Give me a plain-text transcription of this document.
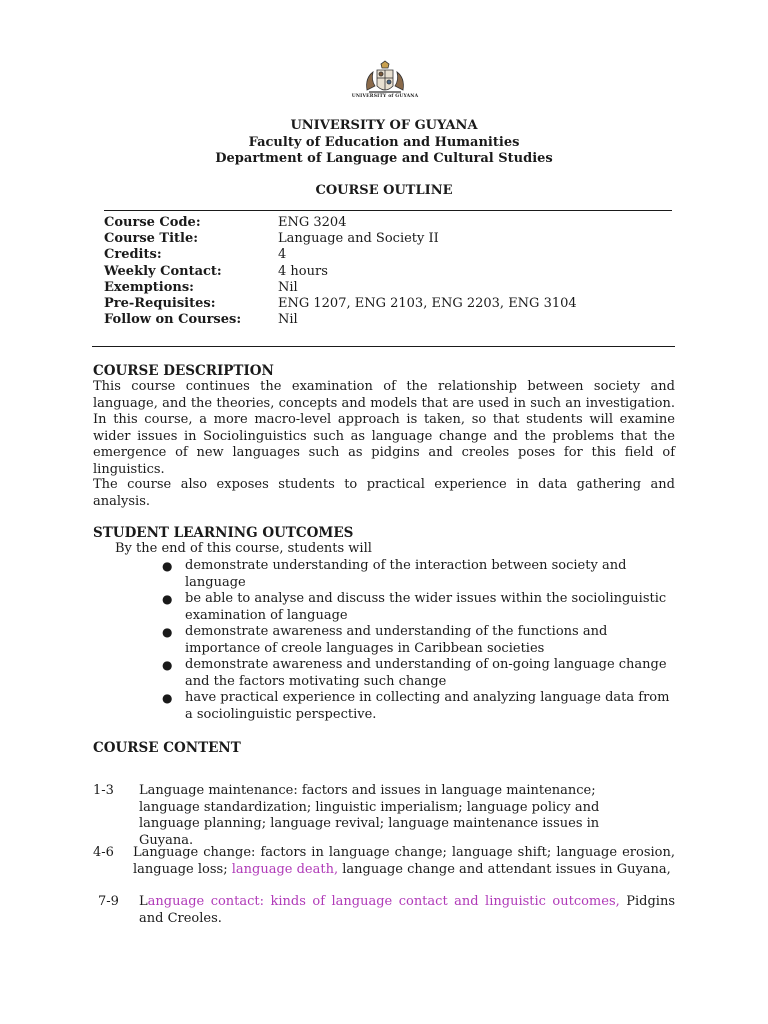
UNIVERSITY of GUYANA
UNIVERSITY OF GUYANA
Faculty of Education and Humanities
Department of Language and Cultural Studies
COURSE OUTLINE
Course Code:	ENG 3204
Course Title:	Language and Society II
Credits:	4
Weekly Contact:	4 hours
Exemptions:	Nil
Pre-Requisites:	ENG 1207, ENG 2103, ENG 2203, ENG 3104
Follow on Courses:	Nil
COURSE DESCRIPTION
This course continues the examination of the relationship between society and language, and the theories, concepts and models that are used in such an investigation. In this course, a more macro-level approach is taken, so that students will examine wider issues in Sociolinguistics such as language change and the problems that the emergence of new languages such as pidgins and creoles poses for this field of linguistics.
The course also exposes students to practical experience in data gathering and analysis.
STUDENT LEARNING OUTCOMES
By the end of this course, students will
● demonstrate understanding of the interaction between society and language
● be able to analyse and discuss the wider issues within the sociolinguistic examination of language
● demonstrate awareness and understanding of the functions and importance of creole languages in Caribbean societies
● demonstrate awareness and understanding of on-going language change and the factors motivating such change
● have practical experience in collecting and analyzing language data from a sociolinguistic perspective.
COURSE CONTENT
1-3	Language maintenance: factors and issues in language maintenance; language standardization; linguistic imperialism; language policy and language planning; language revival; language maintenance issues in Guyana.
4-6	Language change: factors in language change; language shift; language erosion, language loss; language death, language change and attendant issues in Guyana,
7-9	Language contact: kinds of language contact and linguistic outcomes, Pidgins and Creoles.
